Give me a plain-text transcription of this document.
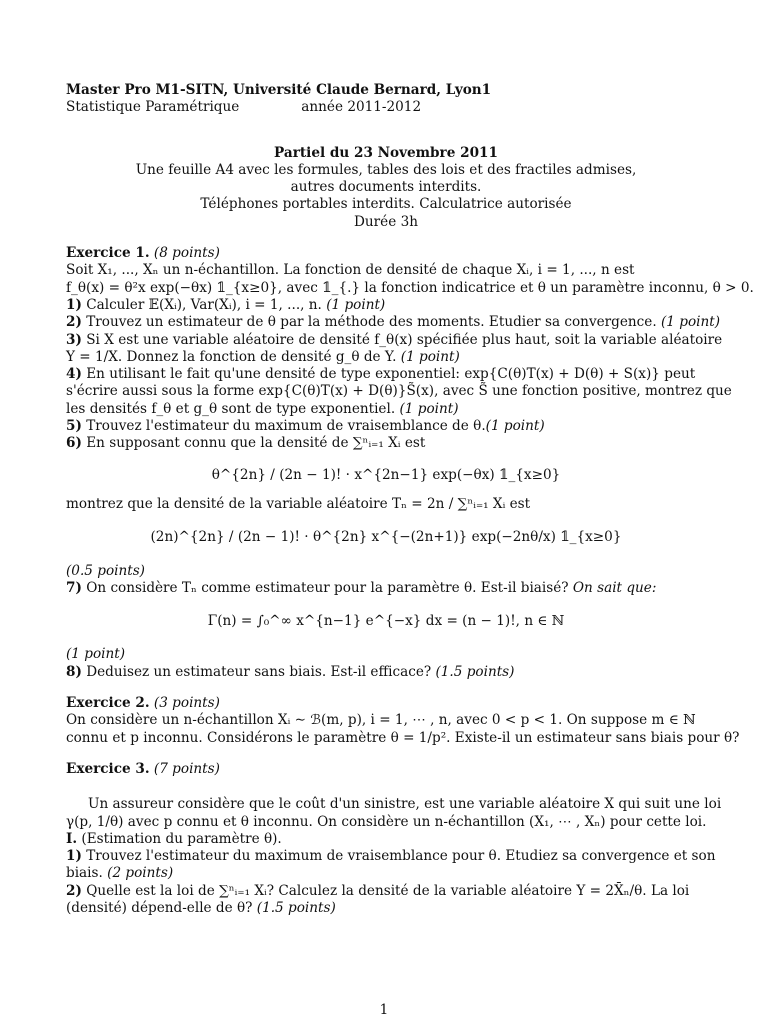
Master Pro M1-SITN, Université Claude Bernard, Lyon1
Statistique Paramétrique	année 2011-2012
Partiel du 23 Novembre 2011
Une feuille A4 avec les formules, tables des lois et des fractiles admises,
autres documents interdits.
Téléphones portables interdits. Calculatrice autorisée
Durée 3h
Exercice 1. (8 points)
Soit X₁, ..., Xₙ un n-échantillon. La fonction de densité de chaque Xᵢ, i = 1, ..., n est
f_θ(x) = θ²x exp(−θx) 𝟙_{x≥0}, avec 𝟙_{.} la fonction indicatrice et θ un paramètre inconnu, θ > 0.
1) Calculer 𝔼(Xᵢ), Var(Xᵢ), i = 1, ..., n. (1 point)
2) Trouvez un estimateur de θ par la méthode des moments. Etudier sa convergence. (1 point)
3) Si X est une variable aléatoire de densité f_θ(x) spécifiée plus haut, soit la variable aléatoire
Y = 1/X. Donnez la fonction de densité g_θ de Y. (1 point)
4) En utilisant le fait qu'une densité de type exponentiel: exp{C(θ)T(x) + D(θ) + S(x)} peut
s'écrire aussi sous la forme exp{C(θ)T(x) + D(θ)}S̃(x), avec S̃ une fonction positive, montrez que
les densités f_θ et g_θ sont de type exponentiel. (1 point)
5) Trouvez l'estimateur du maximum de vraisemblance de θ.(1 point)
6) En supposant connu que la densité de ∑ⁿᵢ₌₁ Xᵢ est
θ^{2n} / (2n − 1)! · x^{2n−1} exp(−θx) 𝟙_{x≥0}
montrez que la densité de la variable aléatoire Tₙ = 2n / ∑ⁿᵢ₌₁ Xᵢ est
(2n)^{2n} / (2n − 1)! · θ^{2n} x^{−(2n+1)} exp(−2nθ/x) 𝟙_{x≥0}
(0.5 points)
7) On considère Tₙ comme estimateur pour la paramètre θ. Est-il biaisé? On sait que:
Γ(n) = ∫₀^∞ x^{n−1} e^{−x} dx = (n − 1)!, n ∈ ℕ
(1 point)
8) Deduisez un estimateur sans biais. Est-il efficace? (1.5 points)
Exercice 2. (3 points)
On considère un n-échantillon Xᵢ ∼ ℬ(m, p), i = 1, ⋯ , n, avec 0 < p < 1. On suppose m ∈ ℕ
connu et p inconnu. Considérons le paramètre θ = 1/p². Existe-il un estimateur sans biais pour θ?
Exercice 3. (7 points)
Un assureur considère que le coût d'un sinistre, est une variable aléatoire X qui suit une loi
γ(p, 1/θ) avec p connu et θ inconnu. On considère un n-échantillon (X₁, ⋯ , Xₙ) pour cette loi.
I. (Estimation du paramètre θ).
1) Trouvez l'estimateur du maximum de vraisemblance pour θ. Etudiez sa convergence et son
biais. (2 points)
2) Quelle est la loi de ∑ⁿᵢ₌₁ Xᵢ? Calculez la densité de la variable aléatoire Y = 2X̄ₙ/θ. La loi
(densité) dépend-elle de θ? (1.5 points)
1
